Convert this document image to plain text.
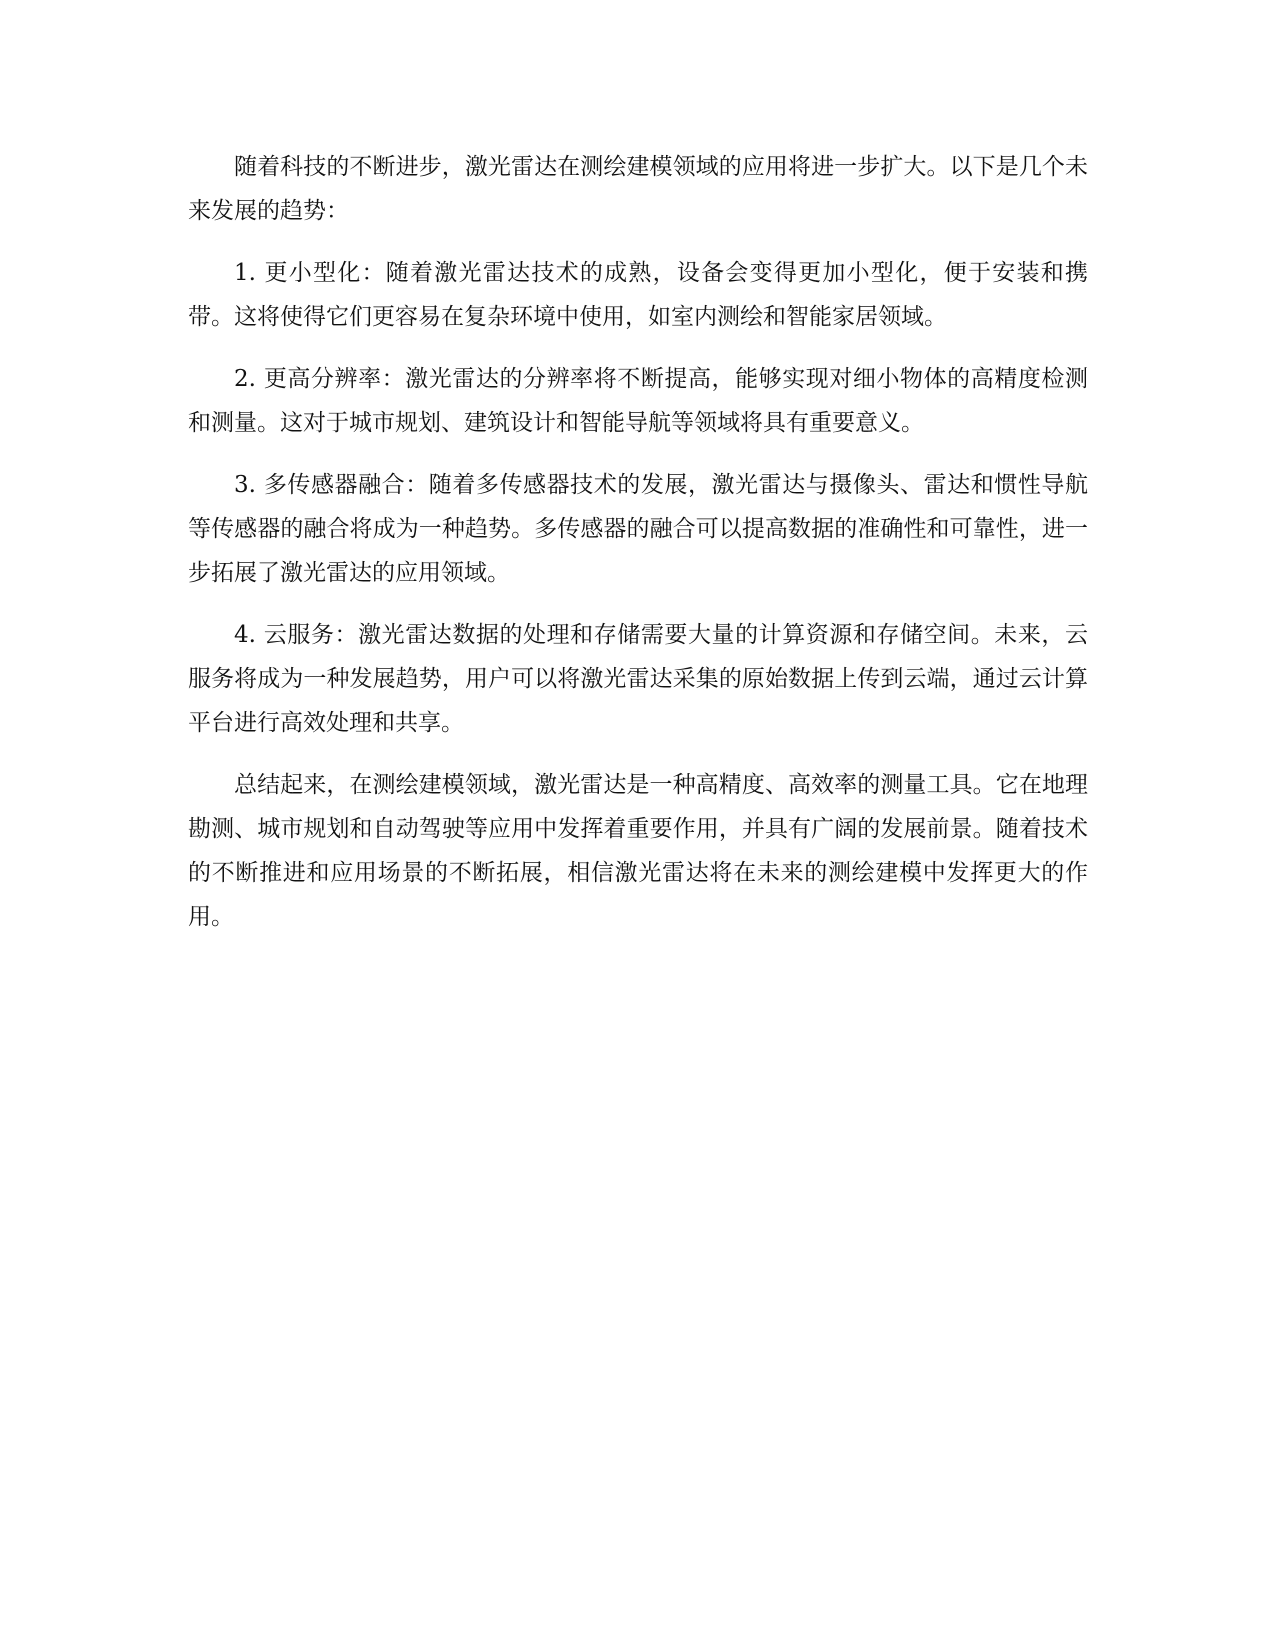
随着科技的不断进步，激光雷达在测绘建模领域的应用将进一步扩大。以下是几个未来发展的趋势：

1. 更小型化：随着激光雷达技术的成熟，设备会变得更加小型化，便于安装和携带。这将使得它们更容易在复杂环境中使用，如室内测绘和智能家居领域。

2. 更高分辨率：激光雷达的分辨率将不断提高，能够实现对细小物体的高精度检测和测量。这对于城市规划、建筑设计和智能导航等领域将具有重要意义。

3. 多传感器融合：随着多传感器技术的发展，激光雷达与摄像头、雷达和惯性导航等传感器的融合将成为一种趋势。多传感器的融合可以提高数据的准确性和可靠性，进一步拓展了激光雷达的应用领域。

4. 云服务：激光雷达数据的处理和存储需要大量的计算资源和存储空间。未来，云服务将成为一种发展趋势，用户可以将激光雷达采集的原始数据上传到云端，通过云计算平台进行高效处理和共享。

总结起来，在测绘建模领域，激光雷达是一种高精度、高效率的测量工具。它在地理勘测、城市规划和自动驾驶等应用中发挥着重要作用，并具有广阔的发展前景。随着技术的不断推进和应用场景的不断拓展，相信激光雷达将在未来的测绘建模中发挥更大的作用。
